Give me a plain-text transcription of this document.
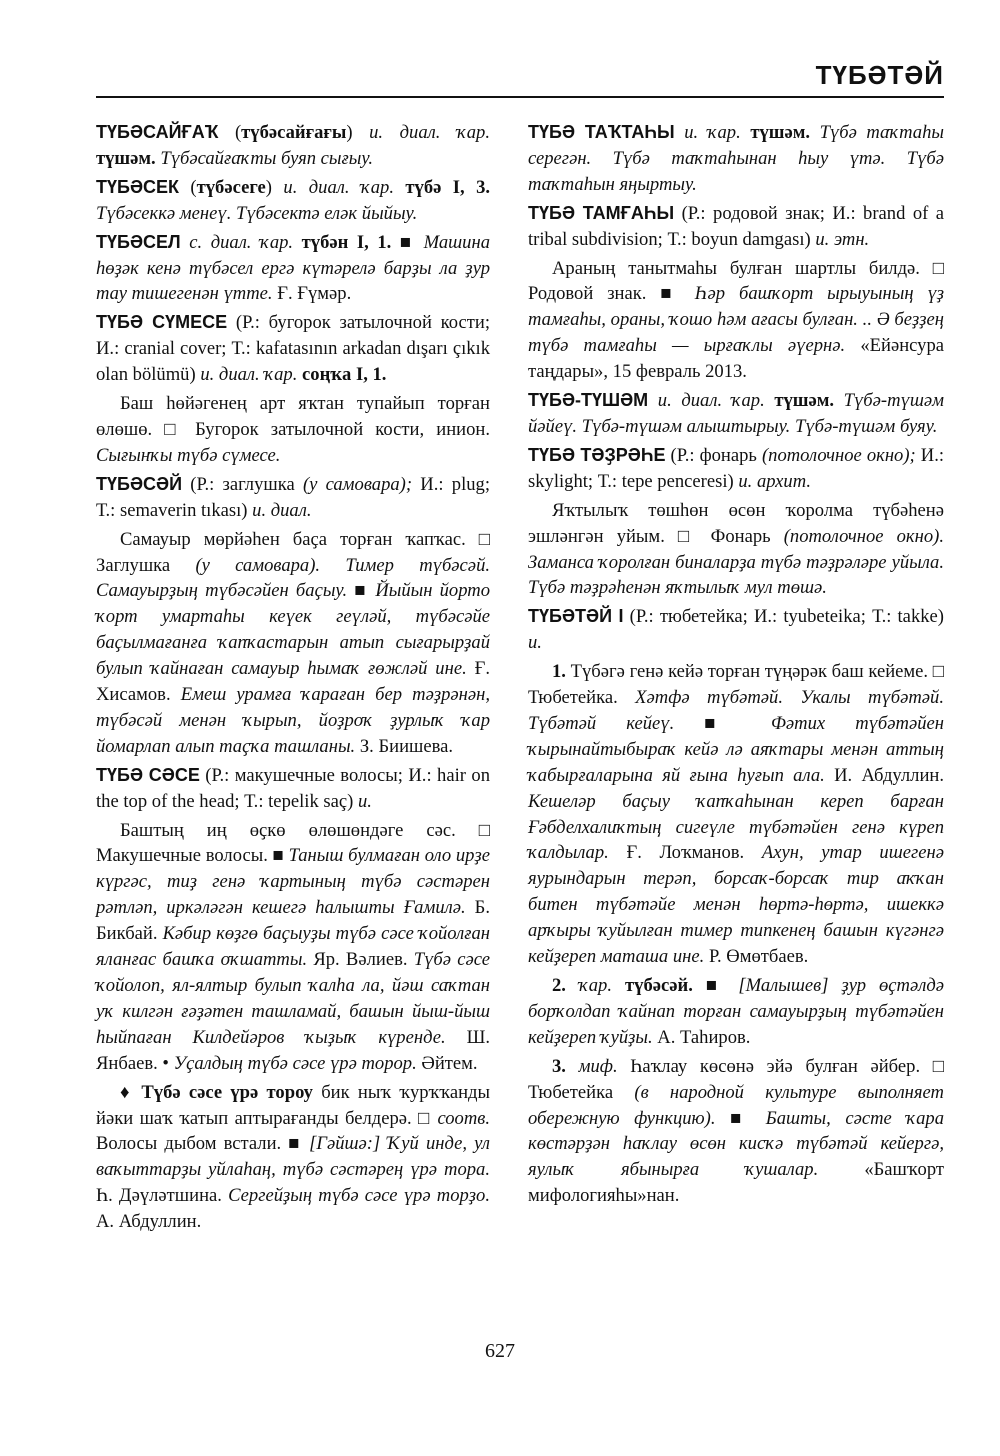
ТҮБӘТӘЙ
ТҮБӘСАЙҒАҠ (түбәсайғағы) и. диал. ҡар. түшәм. Түбәсайғаҡты буяп сығыу.
ТҮБӘСЕК (түбәсеге) и. диал. ҡар. түбә I, 3. Түбәсеккә менеү. Түбәсектә еләк йыйыу.
ТҮБӘСЕЛ с. диал. ҡар. түбән I, 1. ■ Машина һөҙәк кенә түбәсел ергә күтәрелә барҙы ла ҙур тау тишегенән үтте. Ғ. Ғүмәр.
ТҮБӘ СҮМЕСЕ (Р.: бугорок затылочной кости; И.: cranial cover; Т.: kafatasının arkadan dışarı çıkık olan bölümü) и. диал. ҡар. соңҡа I, 1.
Баш һөйәгенең арт яҡтан тупайып торған өлөшө. □ Бугорок затылочной кости, инион. Сығынҡы түбә сүмесе.
ТҮБӘСӘЙ (Р.: заглушка (у самовара); И.: plug; Т.: semaverin tıkası) и. диал.
Самауыр мөрйәһен баҫа торған ҡапҡас. □ Заглушка (у самовара). Тимер түбәсәй. Самауырҙың түбәсәйен баҫыу. ■ Йыйын йорто ҡорт умартаһы кеүек геүләй, түбәсәйе баҫылмағанға ҡапҡастарын атып сығарырҙай булып ҡайнаған самауыр һымаҡ ғөжләй ине. Ғ. Хисамов. Емеш урамға ҡараған бер тәҙрәнән, түбәсәй менән ҡырып, йоҙроҡ ҙурлыҡ ҡар йомарлап алып таҫҡа ташланы. З. Биишева.
ТҮБӘ СӘСЕ (Р.: макушечные волосы; И.: hair on the top of the head; Т.: tepelik saç) и.
Баштың иң өҫкө өлөшөндәге сәс. □ Макушечные волосы. ■ Таныш булмаған оло ирҙе күргәс, тиҙ генә ҡартының түбә сәстәрен рәтләп, иркәләгән кешегә һалышты Ғамилә. Б. Бикбай. Кәбир көҙгө баҫыуҙы түбә сәсе ҡойолған яланғас башҡа оҡшатты. Яр. Вәлиев. Түбә сәсе ҡойолоп, ял-ялтыр булып ҡалһа ла, йәш саҡтан уҡ килгән ғәҙәтен ташламай, башын йыш-йыш һыйпаған Килдейәров ҡыҙыҡ күренде. Ш. Янбаев. • Уҫалдың түбә сәсе үрә торор. Әйтем.
♦ Түбә сәсе үрә тороу бик ныҡ ҡурҡҡанды йәки шаҡ ҡатып аптырағанды белдерә. □ соотв. Волосы дыбом встали. ■ [Гәйшә:] Ҡуй инде, ул ваҡыттарҙы уйлаһаң, түбә сәстәрең үрә тора. Һ. Дәүләтшина. Сергейҙың түбә сәсе үрә торҙо. А. Абдуллин.
ТҮБӘ ТАҠТАҺЫ и. ҡар. түшәм. Түбә таҡтаһы серегән. Түбә таҡтаһынан һыу үтә. Түбә таҡтаһын яңыртыу.
ТҮБӘ ТАМҒАҺЫ (Р.: родовой знак; И.: brand of a tribal subdivision; Т.: boyun damgası) и. этн.
Араның танытмаһы булған шартлы билдә. □ Родовой знак. ■ Һәр башҡорт ырыуының үҙ тамғаһы, ораны, ҡошо һәм ағасы булған. .. Ә беҙҙең түбә тамғаһы — ырғаҡлы әүернә. «Ейәнсура таңдары», 15 февраль 2013.
ТҮБӘ-ТҮШӘМ и. диал. ҡар. түшәм. Түбә-түшәм йәйеү. Түбә-түшәм алыштырыу. Түбә-түшәм буяу.
ТҮБӘ ТӘҘРӘҺЕ (Р.: фонарь (потолочное окно); И.: skylight; Т.: tepe penceresi) и. архит.
Яҡтылыҡ төшһөн өсөн ҡоролма түбәһенә эшләнгән уйым. □ Фонарь (потолочное окно). Заманса ҡоролған биналарҙа түбә тәҙрәләре уйыла. Түбә тәҙрәһенән яҡтылыҡ мул төшә.
ТҮБӘТӘЙ I (Р.: тюбетейка; И.: tyubeteika; Т.: takke) и.
1. Түбәгә генә кейә торған түңәрәк баш кейеме. □ Тюбетейка. Хәтфә түбәтәй. Укалы түбәтәй. Түбәтәй кейеү. ■ Фәтих түбәтәйен ҡырынайтыбыраҡ кейә лә аяҡтары менән аттың ҡабырғаларына яй ғына һуғып ала. И. Абдуллин. Кешеләр баҫыу ҡапҡаһынан кереп барған Ғәбделхалиҡтың сигеүле түбәтәйен генә күреп ҡалдылар. Ғ. Лоҡманов. Ахун, утар ишегенә яурындарын терәп, борсаҡ-борсаҡ тир аҡҡан битен түбәтәйе менән һөртә-һөртә, ишеккә арҡыры ҡуйылған тимер типкенең башын күгәнгә кейҙереп маташа ине. Р. Өмөтбаев.
2. ҡар. түбәсәй. ■ [Малышев] ҙур өҫтәлдә борҡолдап ҡайнап торған самауырҙың түбәтәйен кейҙереп ҡуйҙы. А. Таһиров.
3. миф. Һаҡлау көсөнә эйә булған әйбер. □ Тюбетейка (в народной культуре выполняет обережную функцию). ■ Башты, сәсте ҡара көстәрҙән һаҡлау өсөн кисҡә түбәтәй кейергә, яулыҡ ябынырға ҡушалар. «Башҡорт мифологияһы»нан.
627
